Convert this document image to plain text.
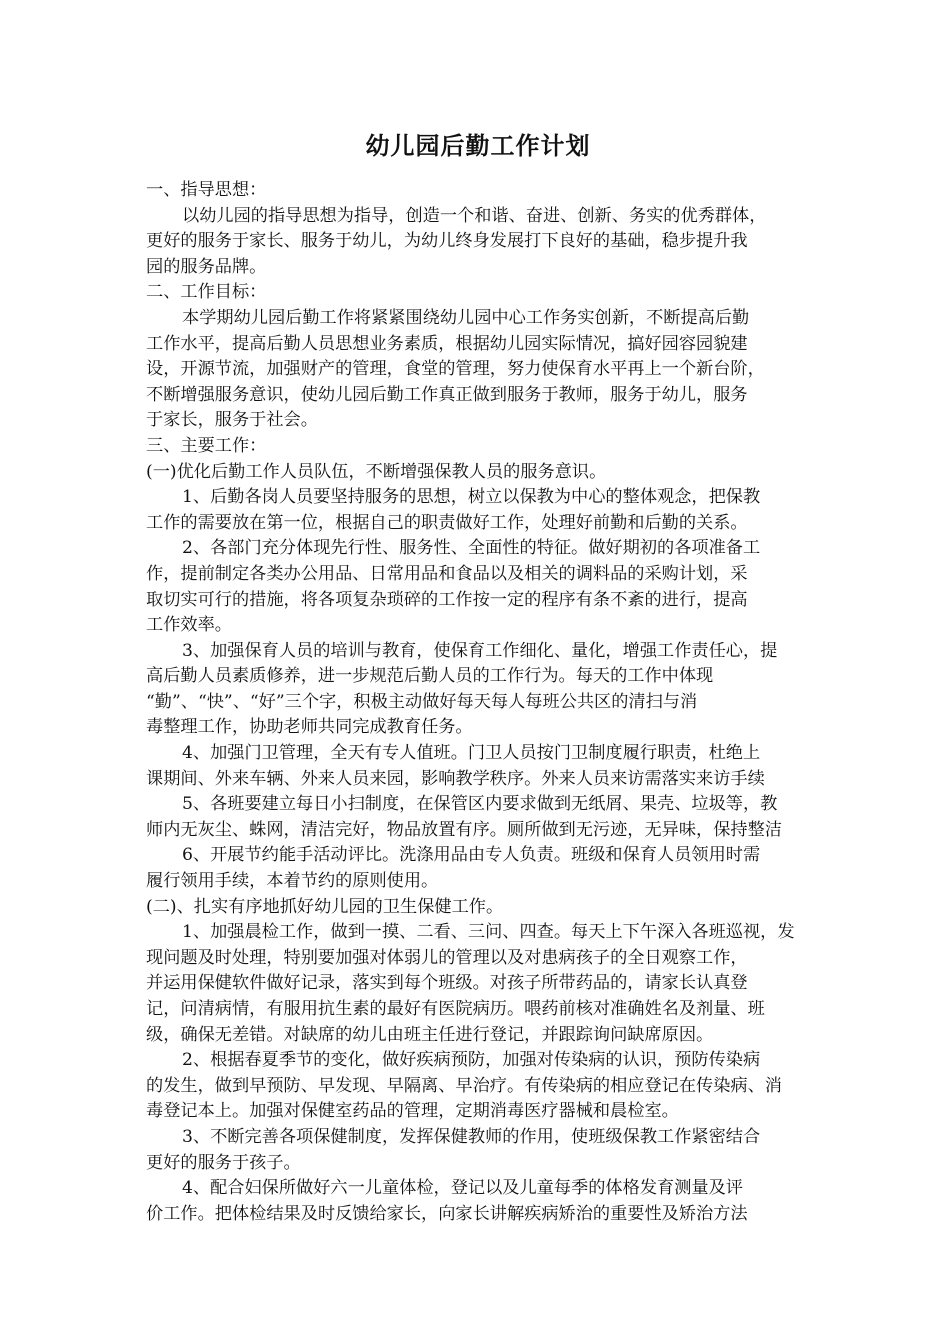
幼儿园后勤工作计划
一、指导思想：
以幼儿园的指导思想为指导，创造一个和谐、奋进、创新、务实的优秀群体，
更好的服务于家长、服务于幼儿，为幼儿终身发展打下良好的基础，稳步提升我
园的服务品牌。
二、工作目标：
本学期幼儿园后勤工作将紧紧围绕幼儿园中心工作务实创新，不断提高后勤
工作水平，提高后勤人员思想业务素质，根据幼儿园实际情况，搞好园容园貌建
设，开源节流，加强财产的管理，食堂的管理，努力使保育水平再上一个新台阶，
不断增强服务意识，使幼儿园后勤工作真正做到服务于教师，服务于幼儿，服务
于家长，服务于社会。
三、主要工作：
(一)优化后勤工作人员队伍，不断增强保教人员的服务意识。
1、后勤各岗人员要坚持服务的思想，树立以保教为中心的整体观念，把保教
工作的需要放在第一位，根据自己的职责做好工作，处理好前勤和后勤的关系。
2、各部门充分体现先行性、服务性、全面性的特征。做好期初的各项准备工
作，提前制定各类办公用品、日常用品和食品以及相关的调料品的采购计划，采
取切实可行的措施，将各项复杂琐碎的工作按一定的程序有条不紊的进行，提高
工作效率。
3、加强保育人员的培训与教育，使保育工作细化、量化，增强工作责任心，提
高后勤人员素质修养，进一步规范后勤人员的工作行为。每天的工作中体现
“勤”、“快”、“好”三个字，积极主动做好每天每人每班公共区的清扫与消
毒整理工作，协助老师共同完成教育任务。
4、加强门卫管理，全天有专人值班。门卫人员按门卫制度履行职责，杜绝上
课期间、外来车辆、外来人员来园，影响教学秩序。外来人员来访需落实来访手续
5、各班要建立每日小扫制度，在保管区内要求做到无纸屑、果壳、垃圾等，教
师内无灰尘、蛛网，清洁完好，物品放置有序。厕所做到无污迹，无异味，保持整洁
6、开展节约能手活动评比。洗涤用品由专人负责。班级和保育人员领用时需
履行领用手续，本着节约的原则使用。
(二)、扎实有序地抓好幼儿园的卫生保健工作。
1、加强晨检工作，做到一摸、二看、三问、四查。每天上下午深入各班巡视，发
现问题及时处理，特别要加强对体弱儿的管理以及对患病孩子的全日观察工作，
并运用保健软件做好记录，落实到每个班级。对孩子所带药品的，请家长认真登
记，问清病情，有服用抗生素的最好有医院病历。喂药前核对准确姓名及剂量、班
级，确保无差错。对缺席的幼儿由班主任进行登记，并跟踪询问缺席原因。
2、根据春夏季节的变化，做好疾病预防，加强对传染病的认识，预防传染病
的发生，做到早预防、早发现、早隔离、早治疗。有传染病的相应登记在传染病、消
毒登记本上。加强对保健室药品的管理，定期消毒医疗器械和晨检室。
3、不断完善各项保健制度，发挥保健教师的作用，使班级保教工作紧密结合
更好的服务于孩子。
4、配合妇保所做好六一儿童体检，登记以及儿童每季的体格发育测量及评
价工作。把体检结果及时反馈给家长，向家长讲解疾病矫治的重要性及矫治方法
